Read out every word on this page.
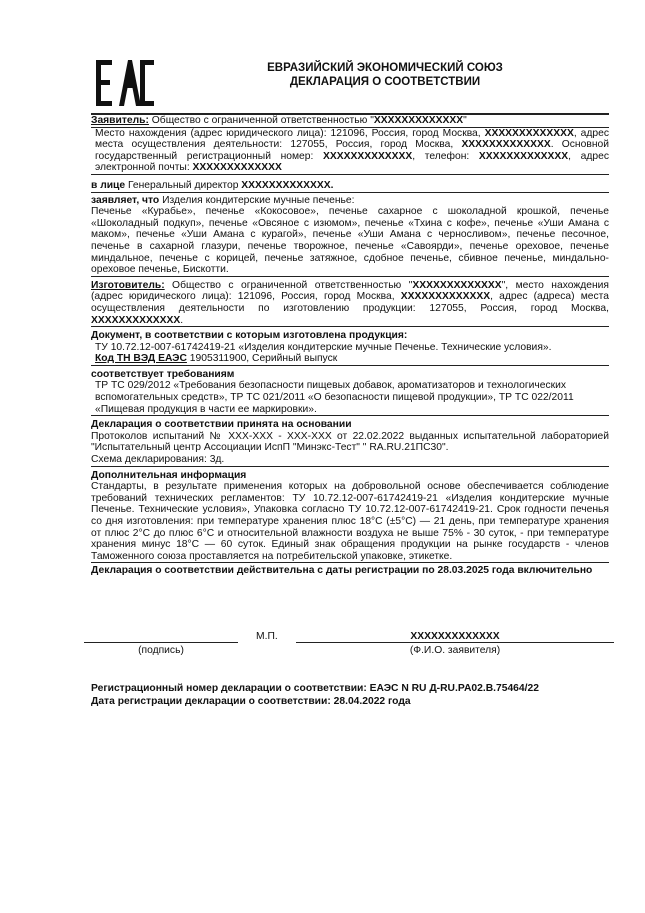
ЕВРАЗИЙСКИЙ ЭКОНОМИЧЕСКИЙ СОЮЗ
ДЕКЛАРАЦИЯ О СООТВЕТСТВИИ

Заявитель: Общество с ограниченной ответственностью "XXXXXXXXXXXXX"

Место нахождения (адрес юридического лица): 121096, Россия, город Москва, XXXXXXXXXXXXX, адрес места осуществления деятельности: 127055, Россия, город Москва, XXXXXXXXXXXXX. Основной государственный регистрационный номер: XXXXXXXXXXXXX, телефон: XXXXXXXXXXXXX, адрес электронной почты: XXXXXXXXXXXXX

в лице Генеральный директор XXXXXXXXXXXXX.

заявляет, что Изделия кондитерские мучные печенье:

Печенье «Курабье», печенье «Кокосовое», печенье сахарное с шоколадной крошкой, печенье «Шоколадный подкуп», печенье «Овсяное с изюмом», печенье «Тхина с кофе», печенье «Уши Амана с маком», печенье «Уши Амана с курагой», печенье «Уши Амана с черносливом», печенье песочное, печенье в сахарной глазури, печенье творожное, печенье «Савоярди», печенье ореховое, печенье миндальное, печенье с корицей, печенье затяжное, сдобное печенье, сбивное печенье, миндально-ореховое печенье, Бискотти.

Изготовитель: Общество с ограниченной ответственностью "XXXXXXXXXXXXX", место нахождения (адрес юридического лица): 121096, Россия, город Москва, XXXXXXXXXXXXX, адрес (адреса) места осуществления деятельности по изготовлению продукции: 127055, Россия, город Москва, XXXXXXXXXXXXX.

Документ, в соответствии с которым изготовлена продукция:

ТУ 10.72.12-007-61742419-21 «Изделия кондитерские мучные Печенье. Технические условия».

Код ТН ВЭД ЕАЭС 1905311900, Серийный выпуск

соответствует требованиям

ТР ТС 029/2012 «Требования безопасности пищевых добавок, ароматизаторов и технологических вспомогательных средств», ТР ТС 021/2011 «О безопасности пищевой продукции», ТР ТС 022/2011 «Пищевая продукция в части ее маркировки».

Декларация о соответствии принята на основании

Протоколов испытаний № XXX-XXX - XXX-XXX от 22.02.2022 выданных испытательной лабораторией "Испытательный центр Ассоциации ИспП "Минэкс-Тест" " RA.RU.21ПС30".

Схема декларирования: 3д.

Дополнительная информация

Стандарты, в результате применения которых на добровольной основе обеспечивается соблюдение требований технических регламентов: ТУ 10.72.12-007-61742419-21 «Изделия кондитерские мучные Печенье. Технические условия», Упаковка согласно ТУ 10.72.12-007-61742419-21. Срок годности печенья со дня изготовления: при температуре хранения плюс 18°С (±5°С) — 21 день, при температуре хранения от плюс 2°С до плюс 6°С и относительной влажности воздуха не выше 75% - 30 суток, - при температуре хранения минус 18°С — 60 суток. Единый знак обращения продукции на рынке государств - членов Таможенного союза проставляется на потребительской упаковке, этикетке.

Декларация о соответствии действительна с даты регистрации по 28.03.2025 года включительно

М.П.	XXXXXXXXXXXXX
(подпись)	(Ф.И.О. заявителя)
Регистрационный номер декларации о соответствии: ЕАЭС N RU Д-RU.PA02.B.75464/22
Дата регистрации декларации о соответствии: 28.04.2022 года
